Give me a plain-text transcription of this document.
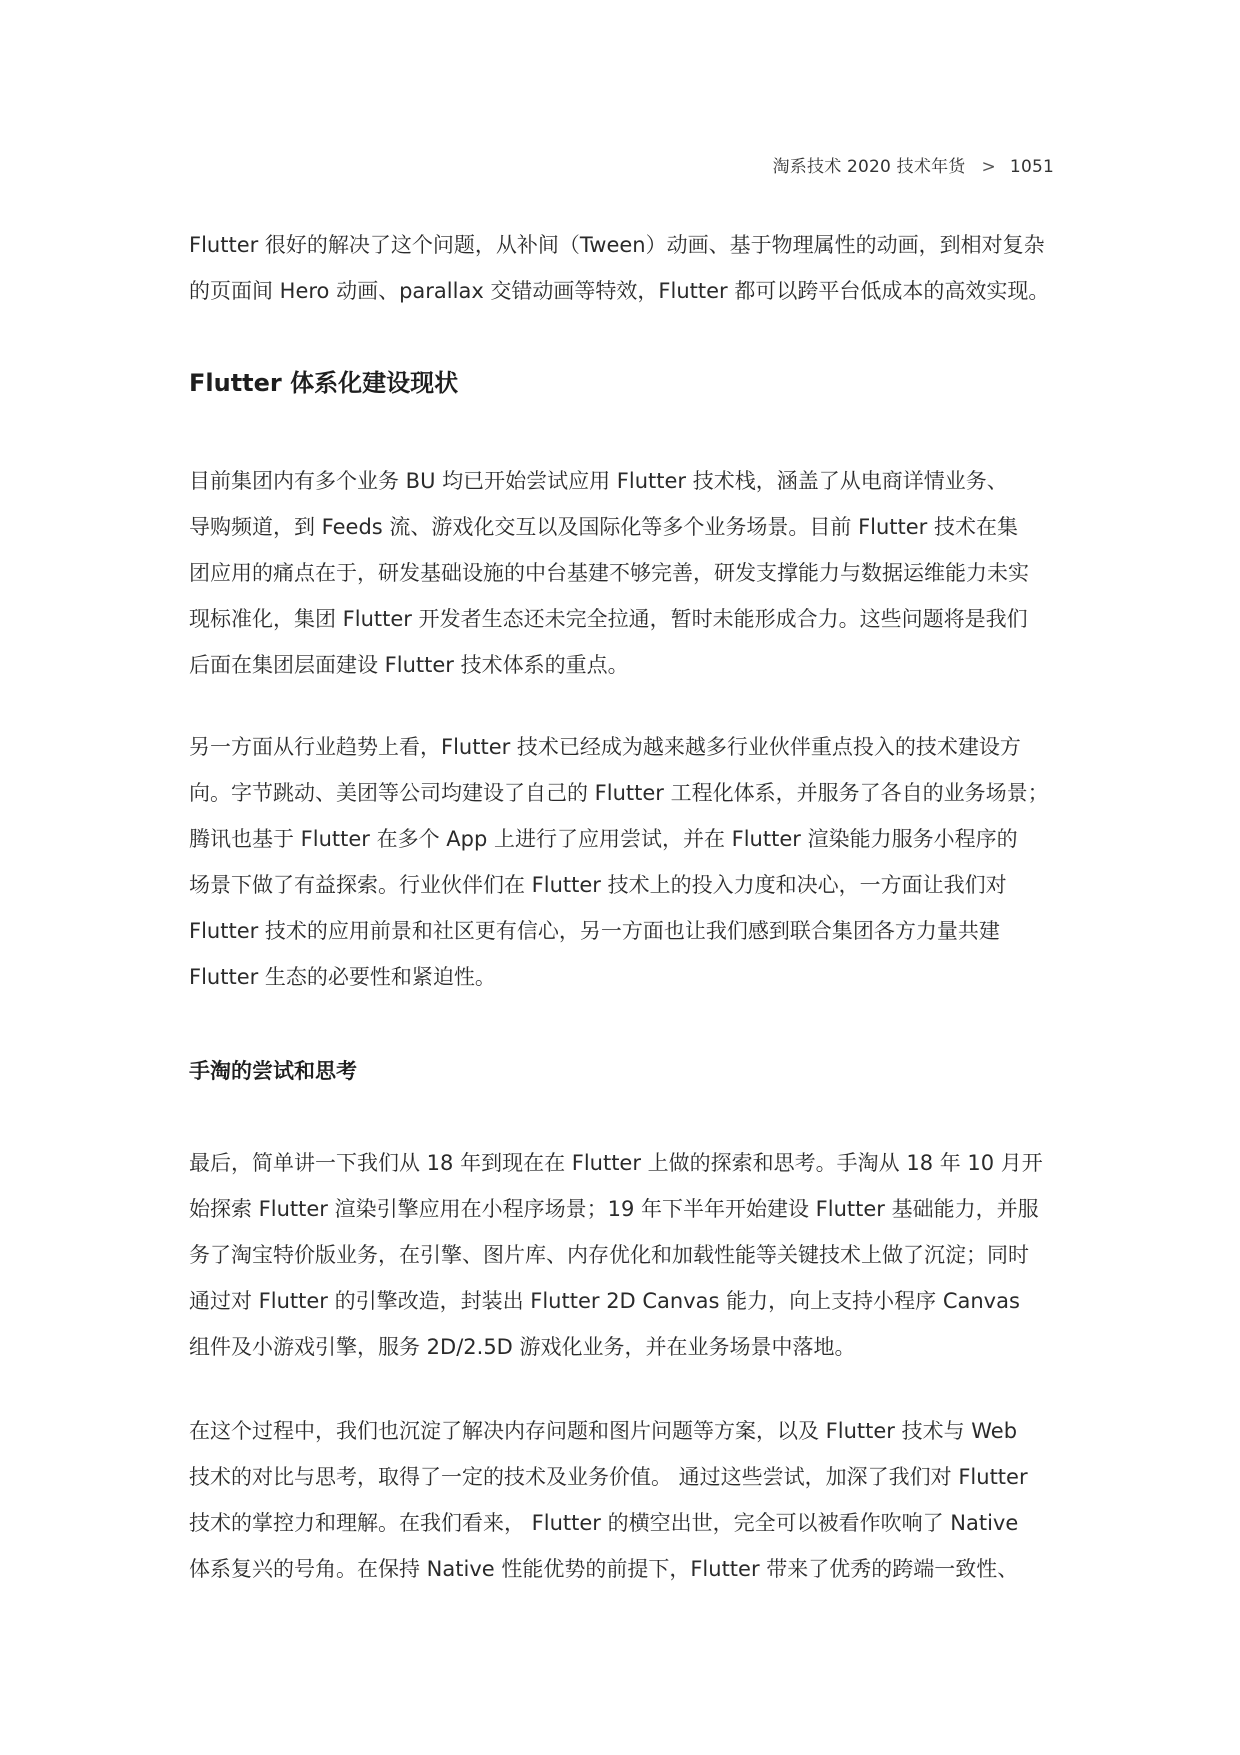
淘系技术 2020 技术年货 > 1051

Flutter 很好的解决了这个问题，从补间（Tween）动画、基于物理属性的动画，到相对复杂
的页面间 Hero 动画、parallax 交错动画等特效，Flutter 都可以跨平台低成本的高效实现。

Flutter 体系化建设现状

目前集团内有多个业务 BU 均已开始尝试应用 Flutter 技术栈，涵盖了从电商详情业务、
导购频道，到 Feeds 流、游戏化交互以及国际化等多个业务场景。目前 Flutter 技术在集
团应用的痛点在于，研发基础设施的中台基建不够完善，研发支撑能力与数据运维能力未实
现标准化，集团 Flutter 开发者生态还未完全拉通，暂时未能形成合力。这些问题将是我们
后面在集团层面建设 Flutter 技术体系的重点。

另一方面从行业趋势上看，Flutter 技术已经成为越来越多行业伙伴重点投入的技术建设方
向。字节跳动、美团等公司均建设了自己的 Flutter 工程化体系，并服务了各自的业务场景；
腾讯也基于 Flutter 在多个 App 上进行了应用尝试，并在 Flutter 渲染能力服务小程序的
场景下做了有益探索。行业伙伴们在 Flutter 技术上的投入力度和决心，一方面让我们对
Flutter 技术的应用前景和社区更有信心，另一方面也让我们感到联合集团各方力量共建
Flutter 生态的必要性和紧迫性。

手淘的尝试和思考

最后，简单讲一下我们从 18 年到现在在 Flutter 上做的探索和思考。手淘从 18 年 10 月开
始探索 Flutter 渲染引擎应用在小程序场景；19 年下半年开始建设 Flutter 基础能力，并服
务了淘宝特价版业务，在引擎、图片库、内存优化和加载性能等关键技术上做了沉淀；同时
通过对 Flutter 的引擎改造，封装出 Flutter 2D Canvas 能力，向上支持小程序 Canvas
组件及小游戏引擎，服务 2D/2.5D 游戏化业务，并在业务场景中落地。

在这个过程中，我们也沉淀了解决内存问题和图片问题等方案，以及 Flutter 技术与 Web
技术的对比与思考，取得了一定的技术及业务价值。 通过这些尝试，加深了我们对 Flutter
技术的掌控力和理解。在我们看来， Flutter 的横空出世，完全可以被看作吹响了 Native
体系复兴的号角。在保持 Native 性能优势的前提下，Flutter 带来了优秀的跨端一致性、
